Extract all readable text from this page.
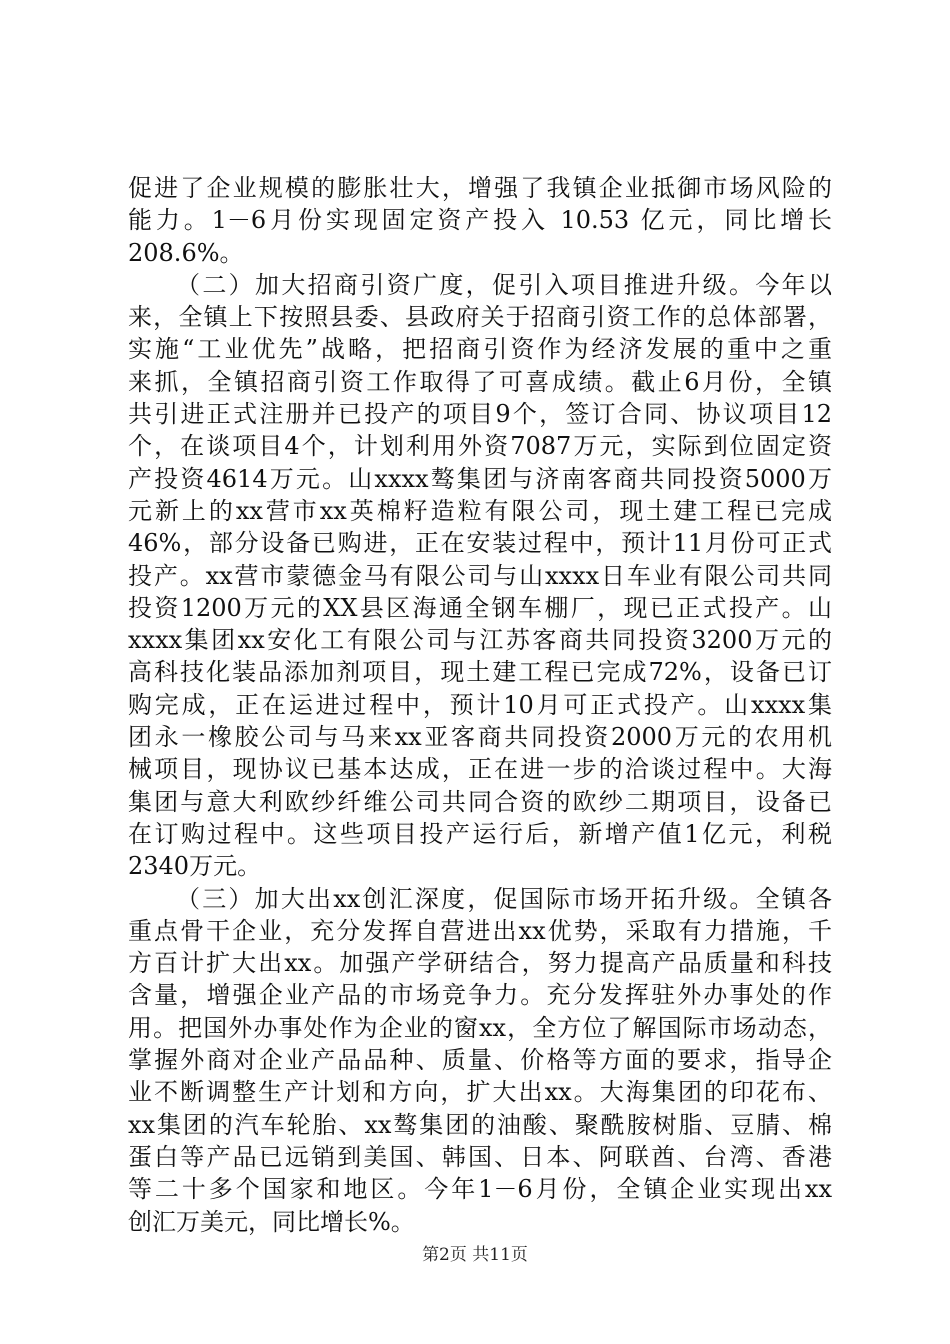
促进了企业规模的膨胀壮大，增强了我镇企业抵御市场风险的
能力。1－6月份实现固定资产投入 10.53 亿元，同比增长
208.6%。
（二）加大招商引资广度，促引入项目推进升级。今年以
来，全镇上下按照县委、县政府关于招商引资工作的总体部署，
实施“工业优先”战略，把招商引资作为经济发展的重中之重
来抓，全镇招商引资工作取得了可喜成绩。截止6月份，全镇
共引进正式注册并已投产的项目9个，签订合同、协议项目12
个，在谈项目4个，计划利用外资7087万元，实际到位固定资
产投资4614万元。山xxxx骜集团与济南客商共同投资5000万
元新上的xx营市xx英棉籽造粒有限公司，现土建工程已完成
46%，部分设备已购进，正在安装过程中，预计11月份可正式
投产。xx营市蒙德金马有限公司与山xxxx日车业有限公司共同
投资1200万元的XX县区海通全钢车棚厂，现已正式投产。山
xxxx集团xx安化工有限公司与江苏客商共同投资3200万元的
高科技化装品添加剂项目，现土建工程已完成72%，设备已订
购完成，正在运进过程中，预计10月可正式投产。山xxxx集
团永一橡胶公司与马来xx亚客商共同投资2000万元的农用机
械项目，现协议已基本达成，正在进一步的洽谈过程中。大海
集团与意大利欧纱纤维公司共同合资的欧纱二期项目，设备已
在订购过程中。这些项目投产运行后，新增产值1亿元，利税
2340万元。
（三）加大出xx创汇深度，促国际市场开拓升级。全镇各
重点骨干企业，充分发挥自营进出xx优势，采取有力措施，千
方百计扩大出xx。加强产学研结合，努力提高产品质量和科技
含量，增强企业产品的市场竞争力。充分发挥驻外办事处的作
用。把国外办事处作为企业的窗xx，全方位了解国际市场动态，
掌握外商对企业产品品种、质量、价格等方面的要求，指导企
业不断调整生产计划和方向，扩大出xx。大海集团的印花布、
xx集团的汽车轮胎、xx骜集团的油酸、聚酰胺树脂、豆腈、棉
蛋白等产品已远销到美国、韩国、日本、阿联酋、台湾、香港
等二十多个国家和地区。今年1－6月份，全镇企业实现出xx
创汇万美元，同比增长%。
第2页 共11页
